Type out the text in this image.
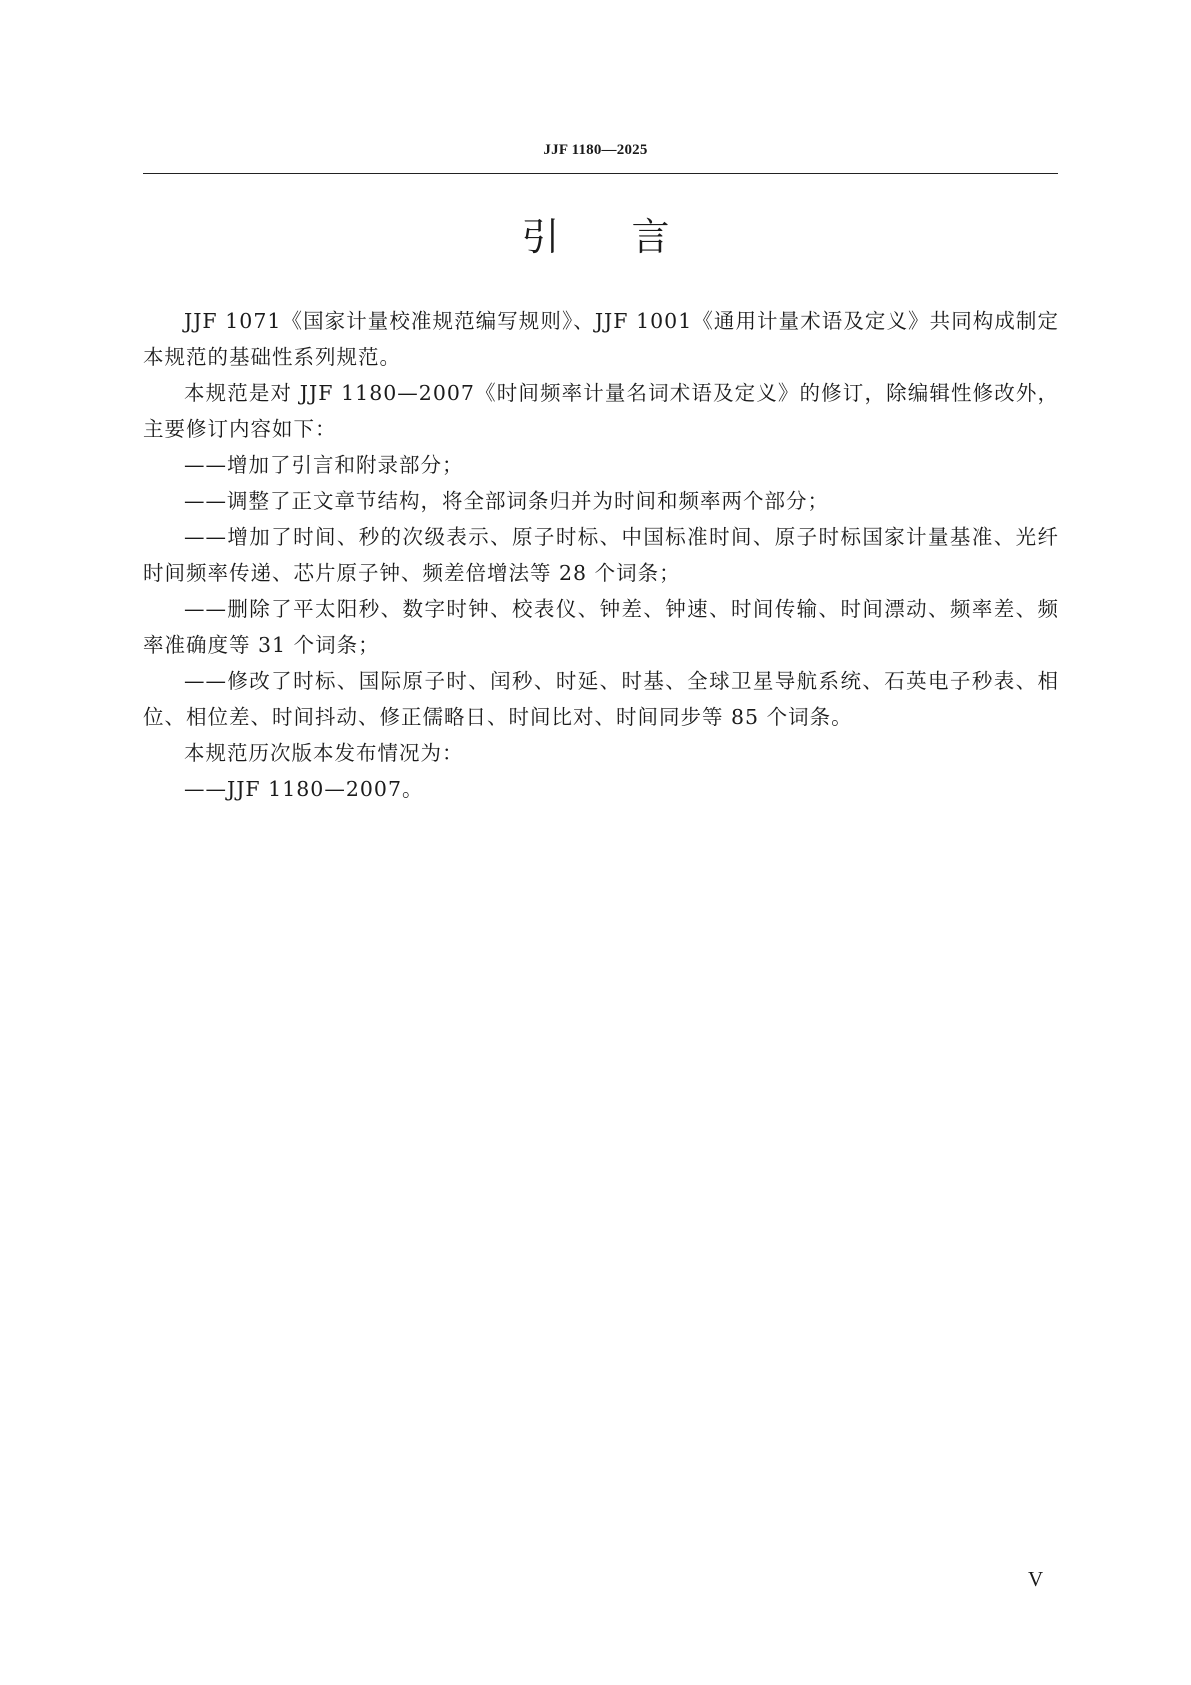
JJF 1180—2025
引言

JJF 1071《国家计量校准规范编写规则》、JJF 1001《通用计量术语及定义》共同构成制定本规范的基础性系列规范。

本规范是对 JJF 1180—2007《时间频率计量名词术语及定义》的修订，除编辑性修改外，主要修订内容如下：

——增加了引言和附录部分；

——调整了正文章节结构，将全部词条归并为时间和频率两个部分；

——增加了时间、秒的次级表示、原子时标、中国标准时间、原子时标国家计量基准、光纤时间频率传递、芯片原子钟、频差倍增法等 28 个词条；

——删除了平太阳秒、数字时钟、校表仪、钟差、钟速、时间传输、时间漂动、频率差、频率准确度等 31 个词条；

——修改了时标、国际原子时、闰秒、时延、时基、全球卫星导航系统、石英电子秒表、相位、相位差、时间抖动、修正儒略日、时间比对、时间同步等 85 个词条。

本规范历次版本发布情况为：

——JJF 1180—2007。

V
